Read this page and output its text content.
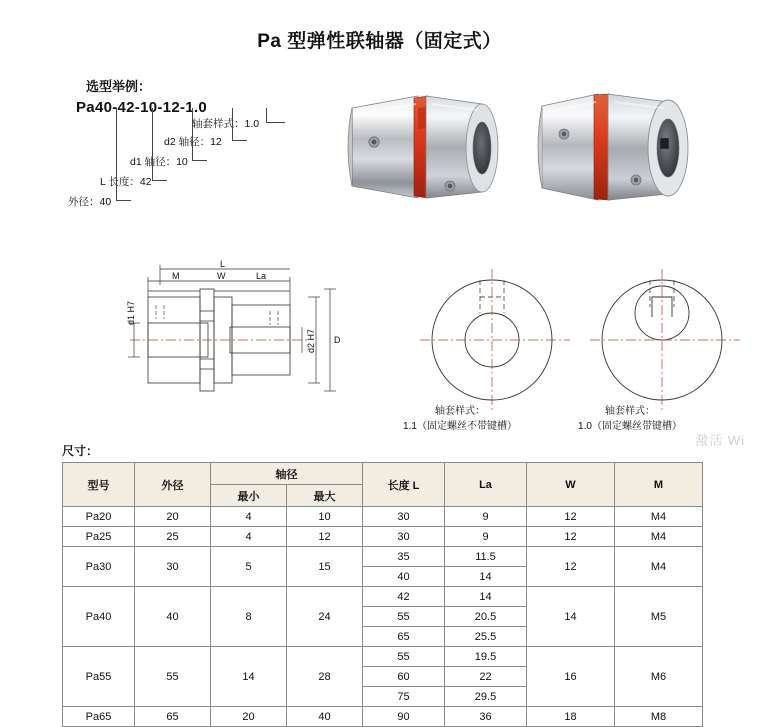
Pa 型弹性联轴器（固定式）
选型举例：
Pa40-42-10-12-1.0
轴套样式：1.0
d2 轴径：12
d1 轴径：10
L 长度：42
外径：40
L
M	W	La
D
d1 H7
d2 H7
轴套样式：
1.1（固定螺丝不带键槽）
轴套样式：
1.0（固定螺丝带键槽）
激活 Wi
尺寸：
型号	外径	轴径		长度 L	La	W	M
		最小	最大				
Pa20	20	4	10	30	9	12	M4
Pa25	25	4	12	30	9	12	M4
Pa30	30	5	15	35	11.5	12	M4
				40	14		
Pa40	40	8	24	42	14	14	M5
				55	20.5		
				65	25.5		
Pa55	55	14	28	55	19.5	16	M6
				60	22		
				75	29.5		
Pa65	65	20	40	90	36	18	M8
